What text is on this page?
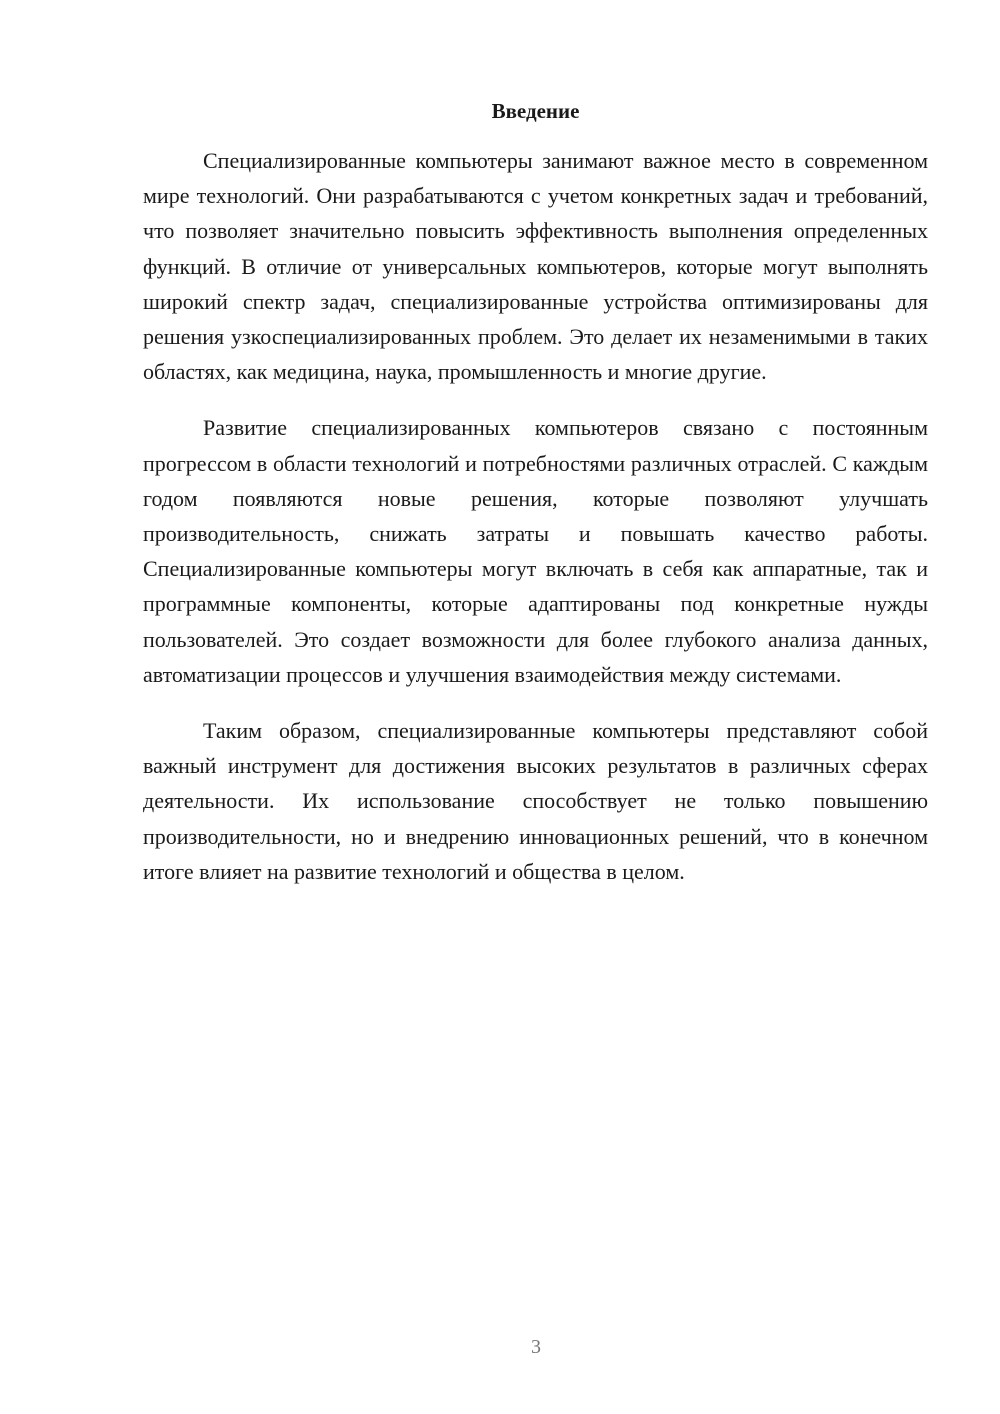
Введение

Специализированные компьютеры занимают важное место в современном мире технологий. Они разрабатываются с учетом конкретных задач и требований, что позволяет значительно повысить эффективность выполнения определенных функций. В отличие от универсальных компьютеров, которые могут выполнять широкий спектр задач, специализированные устройства оптимизированы для решения узкоспециализированных проблем. Это делает их незаменимыми в таких областях, как медицина, наука, промышленность и многие другие.

Развитие специализированных компьютеров связано с постоянным прогрессом в области технологий и потребностями различных отраслей. С каждым годом появляются новые решения, которые позволяют улучшать производительность, снижать затраты и повышать качество работы. Специализированные компьютеры могут включать в себя как аппаратные, так и программные компоненты, которые адаптированы под конкретные нужды пользователей. Это создает возможности для более глубокого анализа данных, автоматизации процессов и улучшения взаимодействия между системами.

Таким образом, специализированные компьютеры представляют собой важный инструмент для достижения высоких результатов в различных сферах деятельности. Их использование способствует не только повышению производительности, но и внедрению инновационных решений, что в конечном итоге влияет на развитие технологий и общества в целом.

3
